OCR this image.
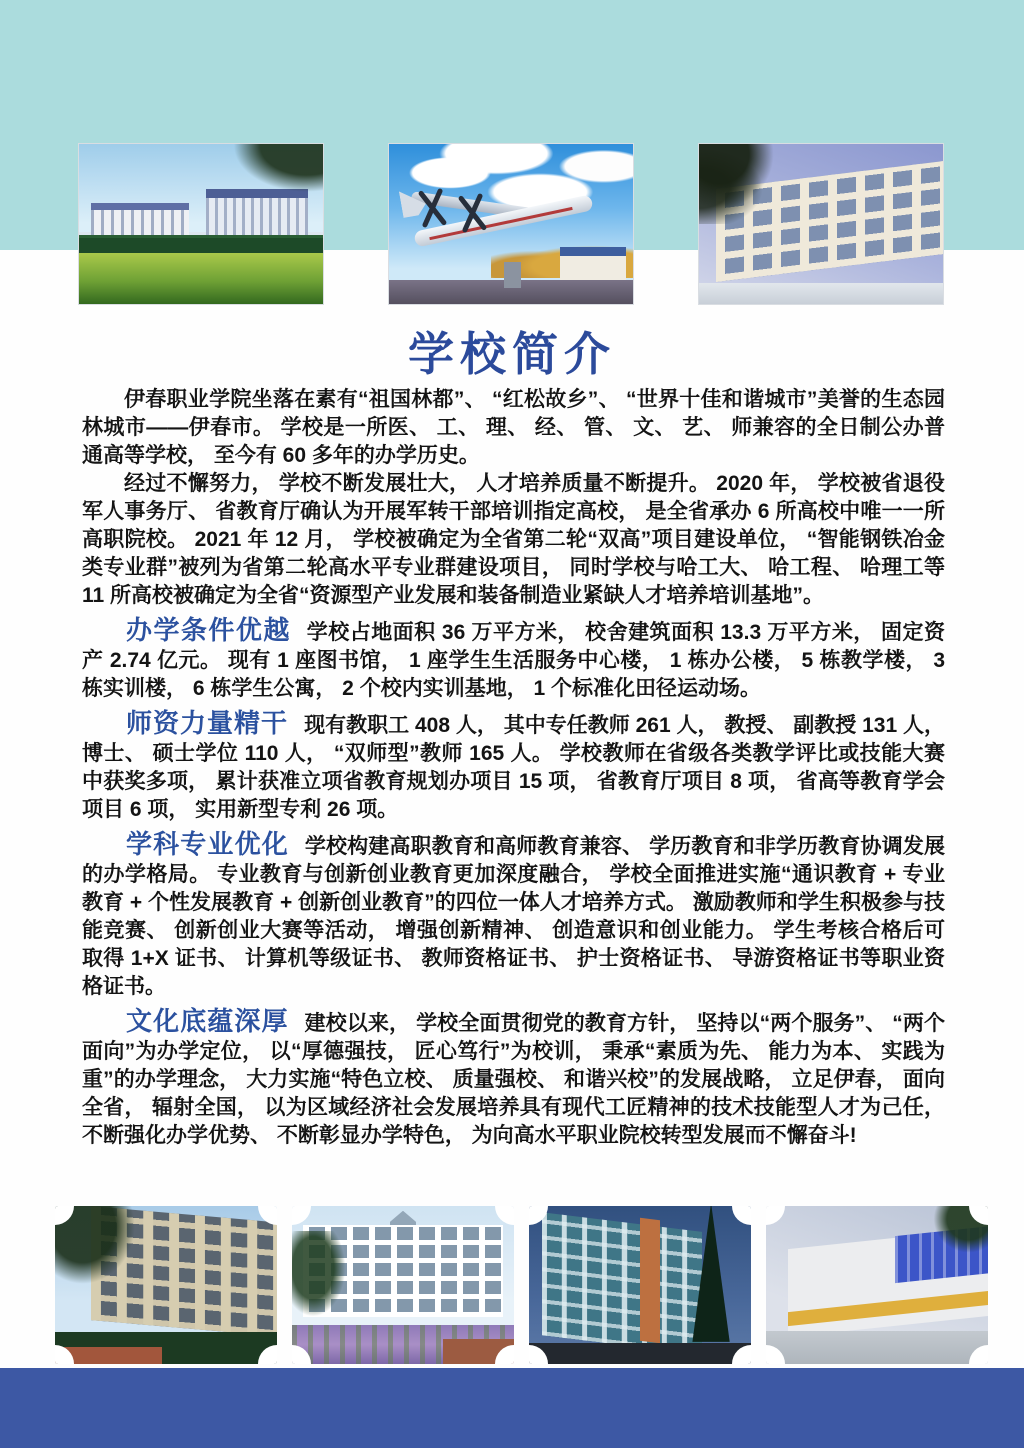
学校简介

伊春职业学院坐落在素有“祖国林都”、 “红松故乡”、 “世界十佳和谐城市”美誉的生态园林城市——伊春市。 学校是一所医、 工、 理、 经、 管、 文、 艺、 师兼容的全日制公办普通高等学校， 至今有 60 多年的办学历史。

经过不懈努力， 学校不断发展壮大， 人才培养质量不断提升。 2020 年， 学校被省退役军人事务厅、 省教育厅确认为开展军转干部培训指定高校， 是全省承办 6 所高校中唯一一所高职院校。 2021 年 12 月， 学校被确定为全省第二轮“双高”项目建设单位， “智能钢铁冶金类专业群”被列为省第二轮高水平专业群建设项目， 同时学校与哈工大、 哈工程、 哈理工等 11 所高校被确定为全省“资源型产业发展和装备制造业紧缺人才培养培训基地”。

办学条件优越 学校占地面积 36 万平方米， 校舍建筑面积 13.3 万平方米， 固定资产 2.74 亿元。 现有 1 座图书馆， 1 座学生生活服务中心楼， 1 栋办公楼， 5 栋教学楼， 3 栋实训楼， 6 栋学生公寓， 2 个校内实训基地， 1 个标准化田径运动场。

师资力量精干 现有教职工 408 人， 其中专任教师 261 人， 教授、 副教授 131 人， 博士、 硕士学位 110 人， “双师型”教师 165 人。 学校教师在省级各类教学评比或技能大赛中获奖多项， 累计获准立项省教育规划办项目 15 项， 省教育厅项目 8 项， 省高等教育学会项目 6 项， 实用新型专利 26 项。

学科专业优化 学校构建高职教育和高师教育兼容、 学历教育和非学历教育协调发展的办学格局。 专业教育与创新创业教育更加深度融合， 学校全面推进实施“通识教育 + 专业教育 + 个性发展教育 + 创新创业教育”的四位一体人才培养方式。 激励教师和学生积极参与技能竞赛、 创新创业大赛等活动， 增强创新精神、 创造意识和创业能力。 学生考核合格后可取得 1+X 证书、 计算机等级证书、 教师资格证书、 护士资格证书、 导游资格证书等职业资格证书。

文化底蕴深厚 建校以来， 学校全面贯彻党的教育方针， 坚持以“两个服务”、 “两个面向”为办学定位， 以“厚德强技， 匠心笃行”为校训， 秉承“素质为先、 能力为本、 实践为重”的办学理念， 大力实施“特色立校、 质量强校、 和谐兴校”的发展战略， 立足伊春， 面向全省， 辐射全国， 以为区域经济社会发展培养具有现代工匠精神的技术技能型人才为己任， 不断强化办学优势、 不断彰显办学特色， 为向高水平职业院校转型发展而不懈奋斗!
